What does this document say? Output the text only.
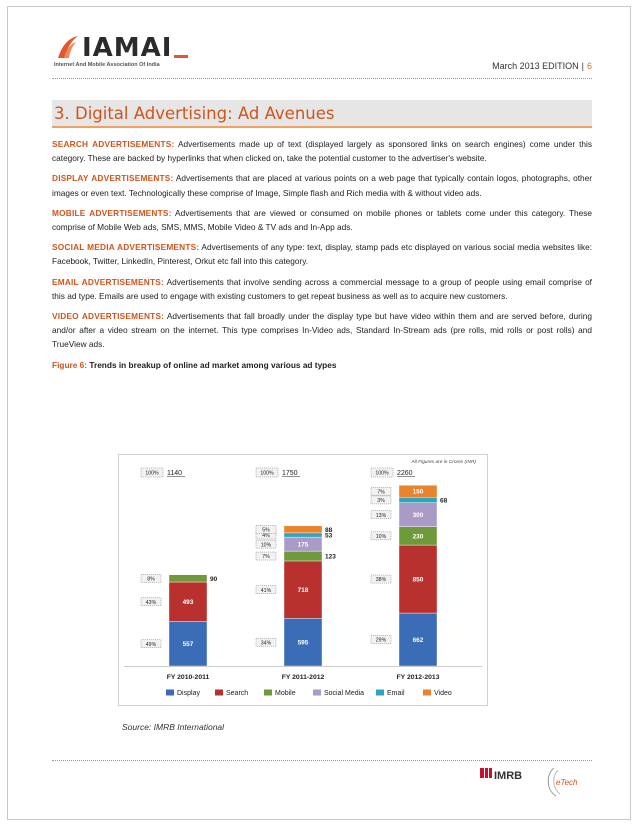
IAMAI
Internet And Mobile Association Of India	March 2013 EDITION | 6
3. Digital Advertising: Ad Avenues

SEARCH ADVERTISEMENTS: Advertisements made up of text (displayed largely as sponsored links on search engines) come under this category. These are backed by hyperlinks that when clicked on, take the potential customer to the advertiser's website.

DISPLAY ADVERTISEMENTS: Advertisements that are placed at various points on a web page that typically contain logos, photographs, other images or even text. Technologically these comprise of Image, Simple flash and Rich media with & without video ads.

MOBILE ADVERTISEMENTS: Advertisements that are viewed or consumed on mobile phones or tablets come under this category. These comprise of Mobile Web ads, SMS, MMS, Mobile Video & TV ads and In-App ads.

SOCIAL MEDIA ADVERTISEMENTS: Advertisements of any type: text, display, stamp pads etc displayed on various social media websites like: Facebook, Twitter, LinkedIn, Pinterest, Orkut etc fall into this category.

EMAIL ADVERTISEMENTS: Advertisements that involve sending across a commercial message to a group of people using email comprise of this ad type. Emails are used to engage with existing customers to get repeat business as well as to acquire new customers.

VIDEO ADVERTISEMENTS: Advertisements that fall broadly under the display type but have video within them and are served before, during and/or after a video stream on the internet. This type comprises In-Video ads, Standard In-Stream ads (pre rolls, mid rolls or post rolls) and TrueView ads.

Figure 6: Trends in breakup of online ad market among various ad types

All Figures are in Crores (INR)
557
49%
493
43%
90
8%
100% 1140
FY 2010-2011
595
34%
718
41%
123
7%
175
10%
53
4%
88
5%
100% 1750
FY 2011-2012
662
29%
850
38%
230
10%
300
13%
68
3%
150
7%
100% 2260
FY 2012-2013
Display	Search	Mobile	Social Media	Email	Video
Source: IMRB International
IMRB
eTech
